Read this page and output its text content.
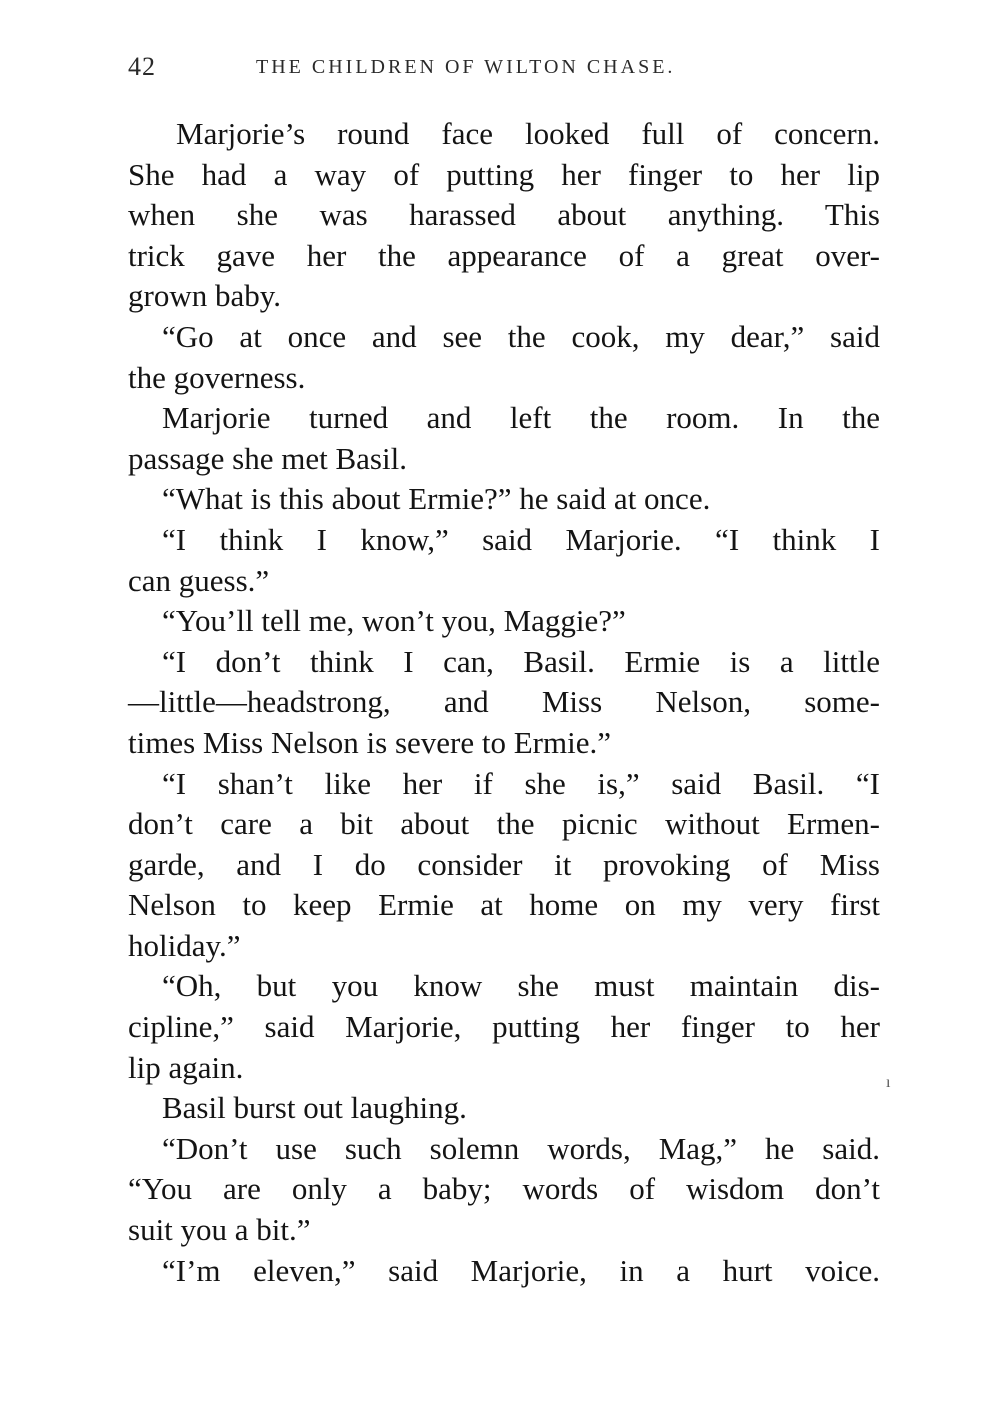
42	THE CHILDREN OF WILTON CHASE.
Marjorie’s round face looked full of concern.
She had a way of putting her finger to her lip
when she was harassed about anything. This
trick gave her the appearance of a great over-
grown baby.
“Go at once and see the cook, my dear,” said
the governess.
Marjorie turned and left the room. In the
passage she met Basil.
“What is this about Ermie?” he said at once.
“I think I know,” said Marjorie. “I think I
can guess.”
“You’ll tell me, won’t you, Maggie?”
“I don’t think I can, Basil. Ermie is a little
—little—headstrong, and Miss Nelson, some-
times Miss Nelson is severe to Ermie.”
“I shan’t like her if she is,” said Basil. “I
don’t care a bit about the picnic without Ermen-
garde, and I do consider it provoking of Miss
Nelson to keep Ermie at home on my very first
holiday.”
“Oh, but you know she must maintain dis-
cipline,” said Marjorie, putting her finger to her
lip again.
Basil burst out laughing.
“Don’t use such solemn words, Mag,” he said.
“You are only a baby; words of wisdom don’t
suit you a bit.”
“I’m eleven,” said Marjorie, in a hurt voice.
ı
